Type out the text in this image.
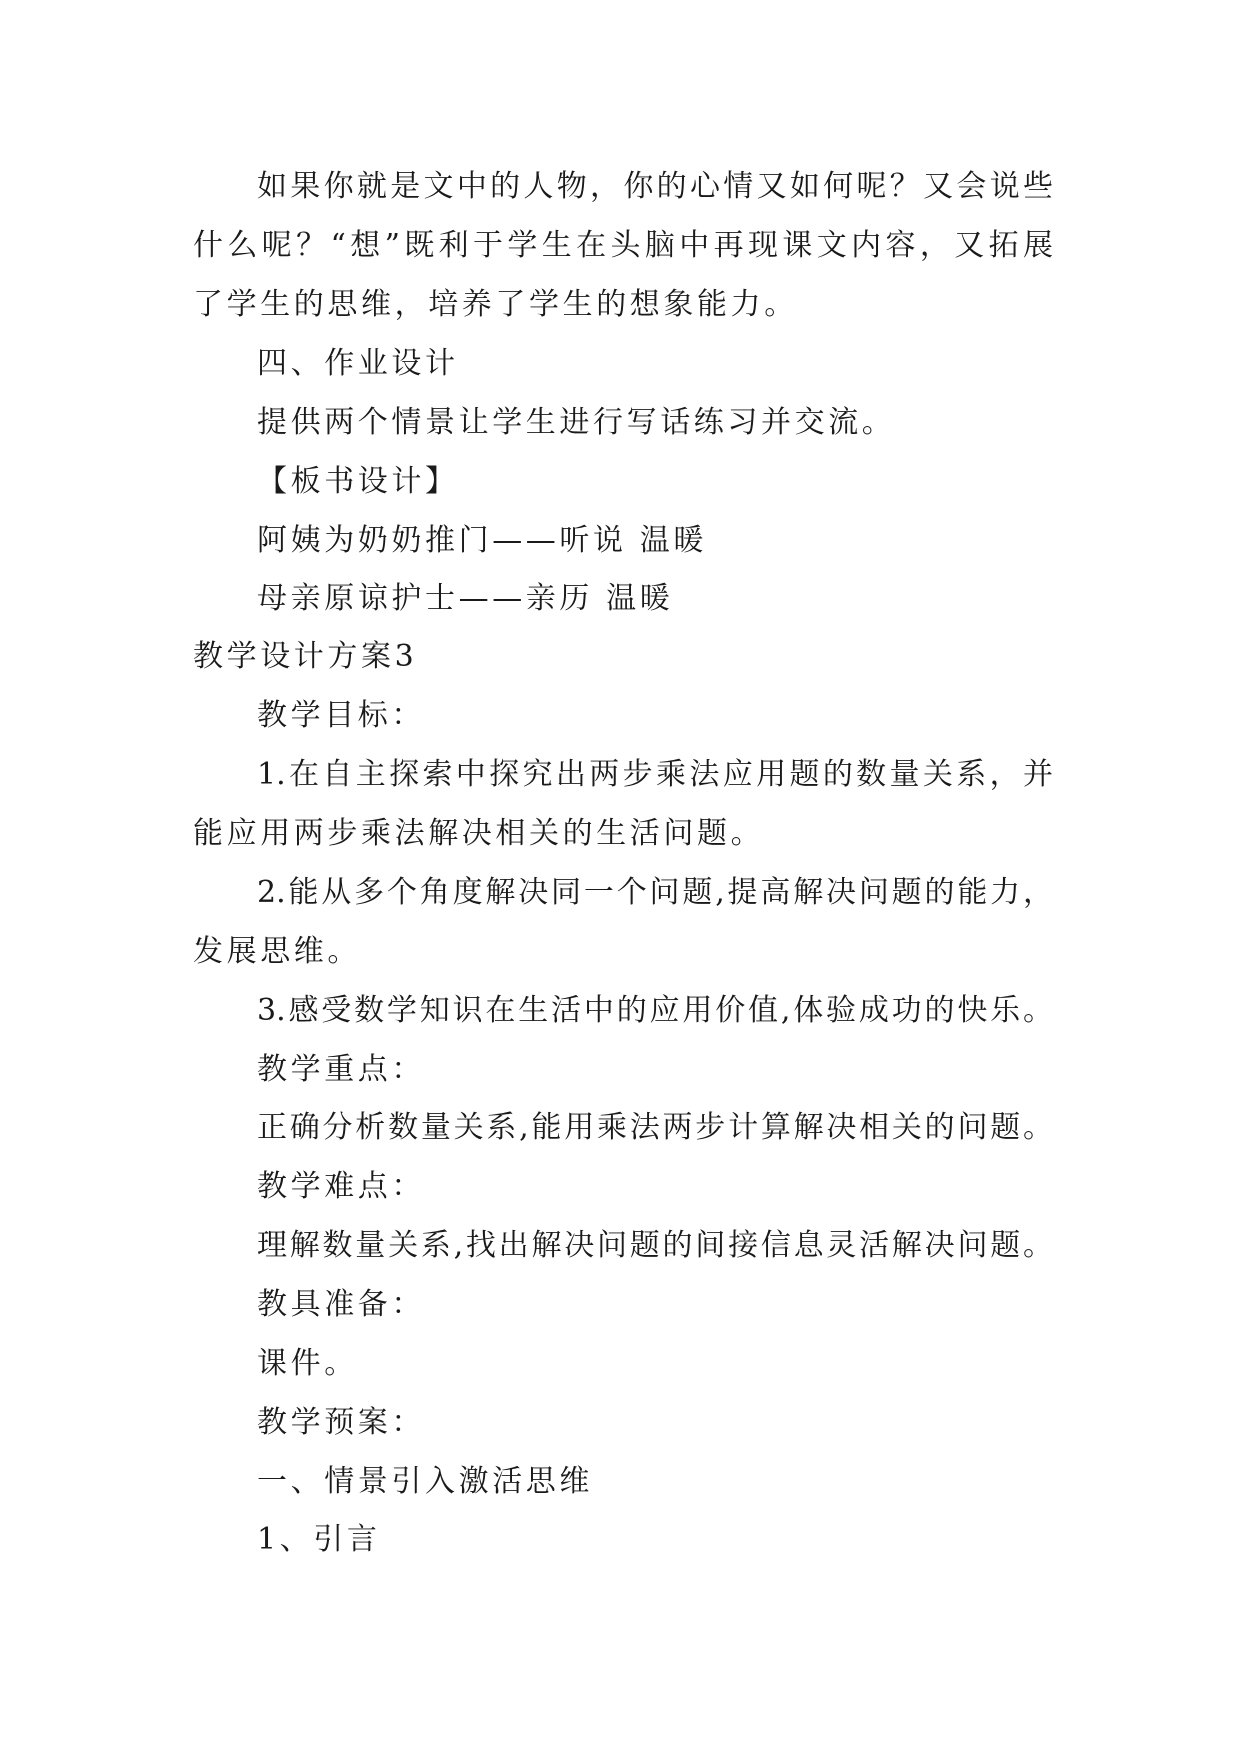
如果你就是文中的人物，你的心情又如何呢？又会说些
什么呢？“想”既利于学生在头脑中再现课文内容，又拓展
了学生的思维，培养了学生的想象能力。
四、作业设计
提供两个情景让学生进行写话练习并交流。
【板书设计】
阿姨为奶奶推门——听说 温暖
母亲原谅护士——亲历 温暖
教学设计方案3
教学目标：
1.在自主探索中探究出两步乘法应用题的数量关系，并
能应用两步乘法解决相关的生活问题。
2.能从多个角度解决同一个问题,提高解决问题的能力，
发展思维。
3.感受数学知识在生活中的应用价值,体验成功的快乐。
教学重点：
正确分析数量关系,能用乘法两步计算解决相关的问题。
教学难点：
理解数量关系,找出解决问题的间接信息灵活解决问题。
教具准备：
课件。
教学预案：
一、情景引入激活思维
1、引言
